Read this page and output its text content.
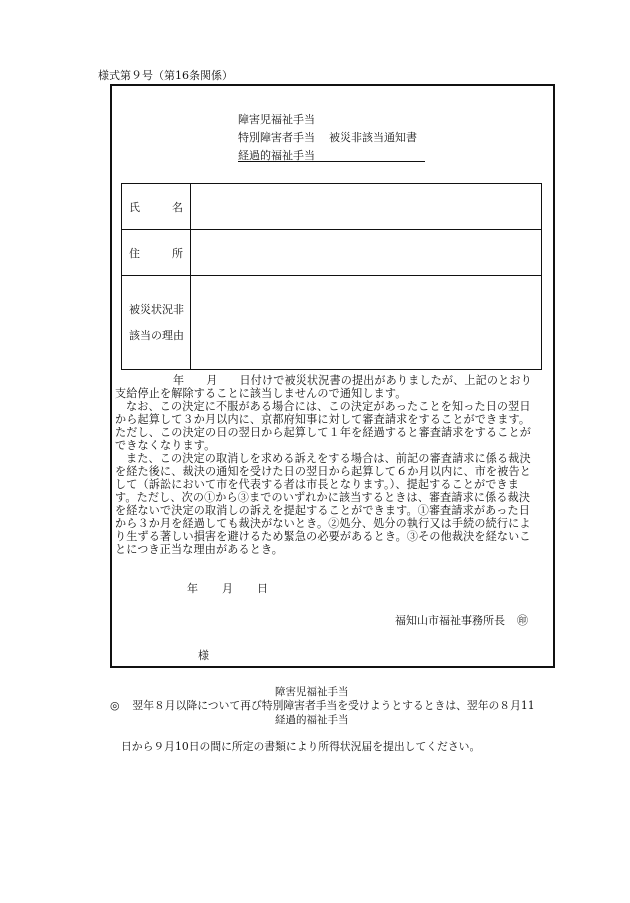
様式第９号（第16条関係）
障害児福祉手当
特別障害者手当 被災非該当通知書
経過的福祉手当
氏 名	

住 所	

被災状況非
該当の理由	

年 月 日付けで被災状況書の提出がありましたが、上記のとおり

支給停止を解除することに該当しませんので通知します。

なお、この決定に不服がある場合には、この決定があったことを知った日の翌日

から起算して３か月以内に、京都府知事に対して審査請求をすることができます。

ただし、この決定の日の翌日から起算して１年を経過すると審査請求をすることが

できなくなります。

また、この決定の取消しを求める訴えをする場合は、前記の審査請求に係る裁決

を経た後に、裁決の通知を受けた日の翌日から起算して６か月以内に、市を被告と

して（訴訟において市を代表する者は市長となります。）、提起することができま

す。ただし、次の①から③までのいずれかに該当するときは、審査請求に係る裁決

を経ないで決定の取消しの訴えを提起することができます。①審査請求があった日

から３か月を経過しても裁決がないとき。②処分、処分の執行又は手続の続行によ

り生ずる著しい損害を避けるため緊急の必要があるとき。③その他裁決を経ないこ

とにつき正当な理由があるとき。

年 月 日
福知山市福祉事務所長 ㊞
様
障害児福祉手当
◎ 翌年８月以降について再び特別障害者手当を受けようとするときは、翌年の８月11
経過的福祉手当
日から９月10日の間に所定の書類により所得状況届を提出してください。
